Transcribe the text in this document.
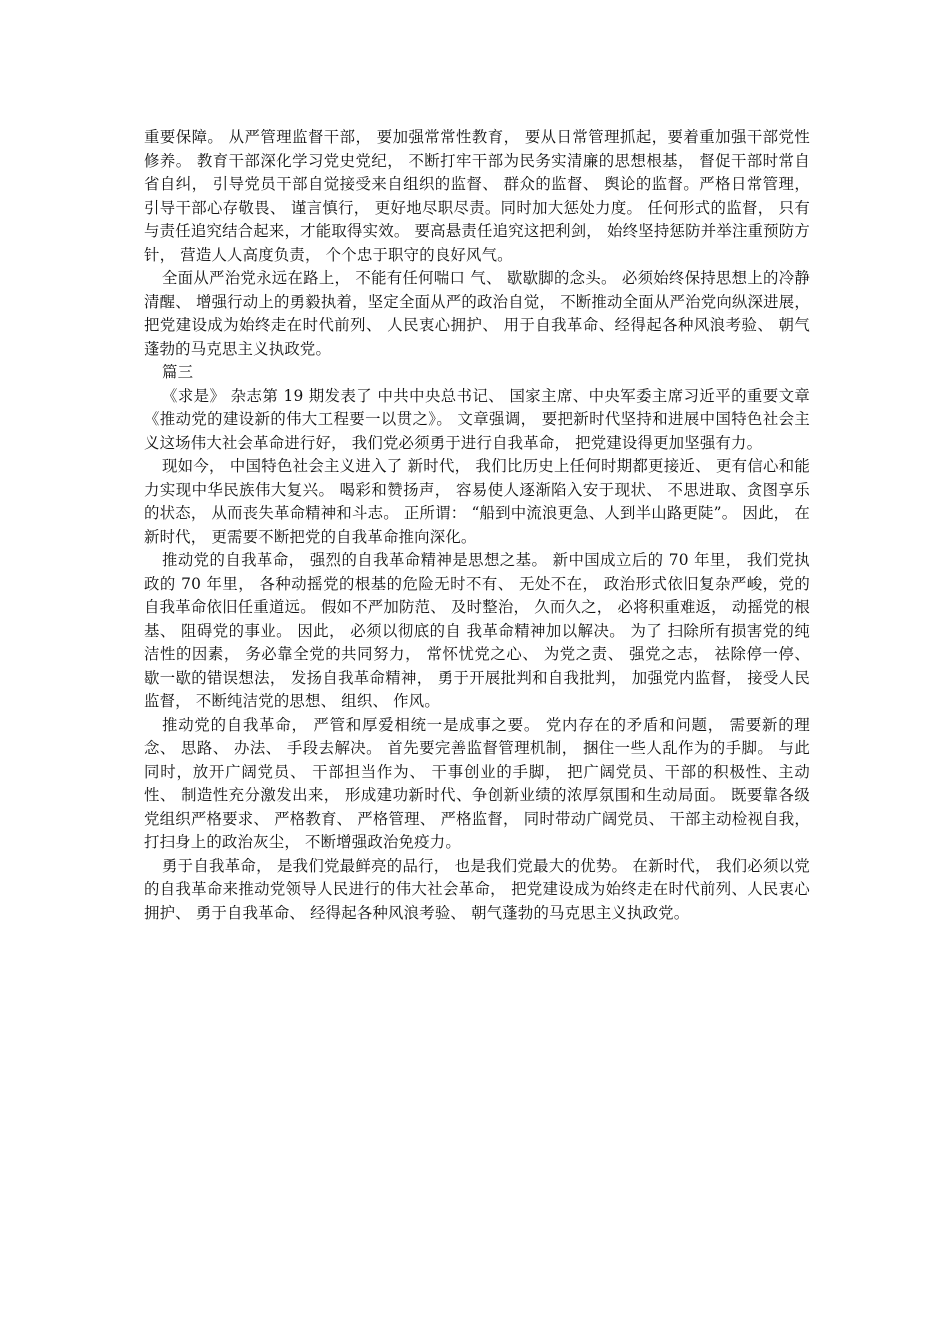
重要保障。 从严管理监督干部， 要加强常常性教育， 要从日常管理抓起，要着重加强干部党性修养。 教育干部深化学习党史党纪， 不断打牢干部为民务实清廉的思想根基， 督促干部时常自省自纠， 引导党员干部自觉接受来自组织的监督、 群众的监督、 舆论的监督。严格日常管理， 引导干部心存敬畏、 谨言慎行， 更好地尽职尽责。同时加大惩处力度。 任何形式的监督， 只有与责任追究结合起来，才能取得实效。 要高悬责任追究这把利剑， 始终坚持惩防并举注重预防方针， 营造人人高度负责， 个个忠于职守的良好风气。

全面从严治党永远在路上， 不能有任何喘口 气、 歇歇脚的念头。 必须始终保持思想上的冷静清醒、 增强行动上的勇毅执着，坚定全面从严的政治自觉， 不断推动全面从严治党向纵深进展，把党建设成为始终走在时代前列、 人民衷心拥护、 用于自我革命、经得起各种风浪考验、 朝气蓬勃的马克思主义执政党。

篇三

《求是》 杂志第 19 期发表了 中共中央总书记、 国家主席、中央军委主席习近平的重要文章《推动党的建设新的伟大工程要一以贯之》。 文章强调， 要把新时代坚持和进展中国特色社会主义这场伟大社会革命进行好， 我们党必须勇于进行自我革命， 把党建设得更加坚强有力。

现如今， 中国特色社会主义进入了 新时代， 我们比历史上任何时期都更接近、 更有信心和能力实现中华民族伟大复兴。 喝彩和赞扬声， 容易使人逐渐陷入安于现状、 不思进取、贪图享乐的状态， 从而丧失革命精神和斗志。 正所谓： “船到中流浪更急、人到半山路更陡”。 因此， 在新时代， 更需要不断把党的自我革命推向深化。

推动党的自我革命， 强烈的自我革命精神是思想之基。 新中国成立后的 70 年里， 我们党执政的 70 年里， 各种动摇党的根基的危险无时不有、 无处不在， 政治形式依旧复杂严峻，党的自我革命依旧任重道远。 假如不严加防范、 及时整治， 久而久之， 必将积重难返， 动摇党的根基、 阻碍党的事业。 因此， 必须以彻底的自 我革命精神加以解决。 为了 扫除所有损害党的纯洁性的因素， 务必靠全党的共同努力， 常怀忧党之心、 为党之责、 强党之志， 祛除停一停、 歇一歇的错误想法， 发扬自我革命精神， 勇于开展批判和自我批判， 加强党内监督， 接受人民监督， 不断纯洁党的思想、 组织、 作风。

推动党的自我革命， 严管和厚爱相统一是成事之要。 党内存在的矛盾和问题， 需要新的理念、 思路、 办法、 手段去解决。 首先要完善监督管理机制， 捆住一些人乱作为的手脚。 与此同时，放开广阔党员、 干部担当作为、 干事创业的手脚， 把广阔党员、干部的积极性、主动性、 制造性充分激发出来， 形成建功新时代、争创新业绩的浓厚氛围和生动局面。 既要靠各级党组织严格要求、 严格教育、 严格管理、 严格监督， 同时带动广阔党员、 干部主动检视自我， 打扫身上的政治灰尘， 不断增强政治免疫力。

勇于自我革命， 是我们党最鲜亮的品行， 也是我们党最大的优势。 在新时代， 我们必须以党的自我革命来推动党领导人民进行的伟大社会革命， 把党建设成为始终走在时代前列、人民衷心拥护、 勇于自我革命、 经得起各种风浪考验、 朝气蓬勃的马克思主义执政党。
